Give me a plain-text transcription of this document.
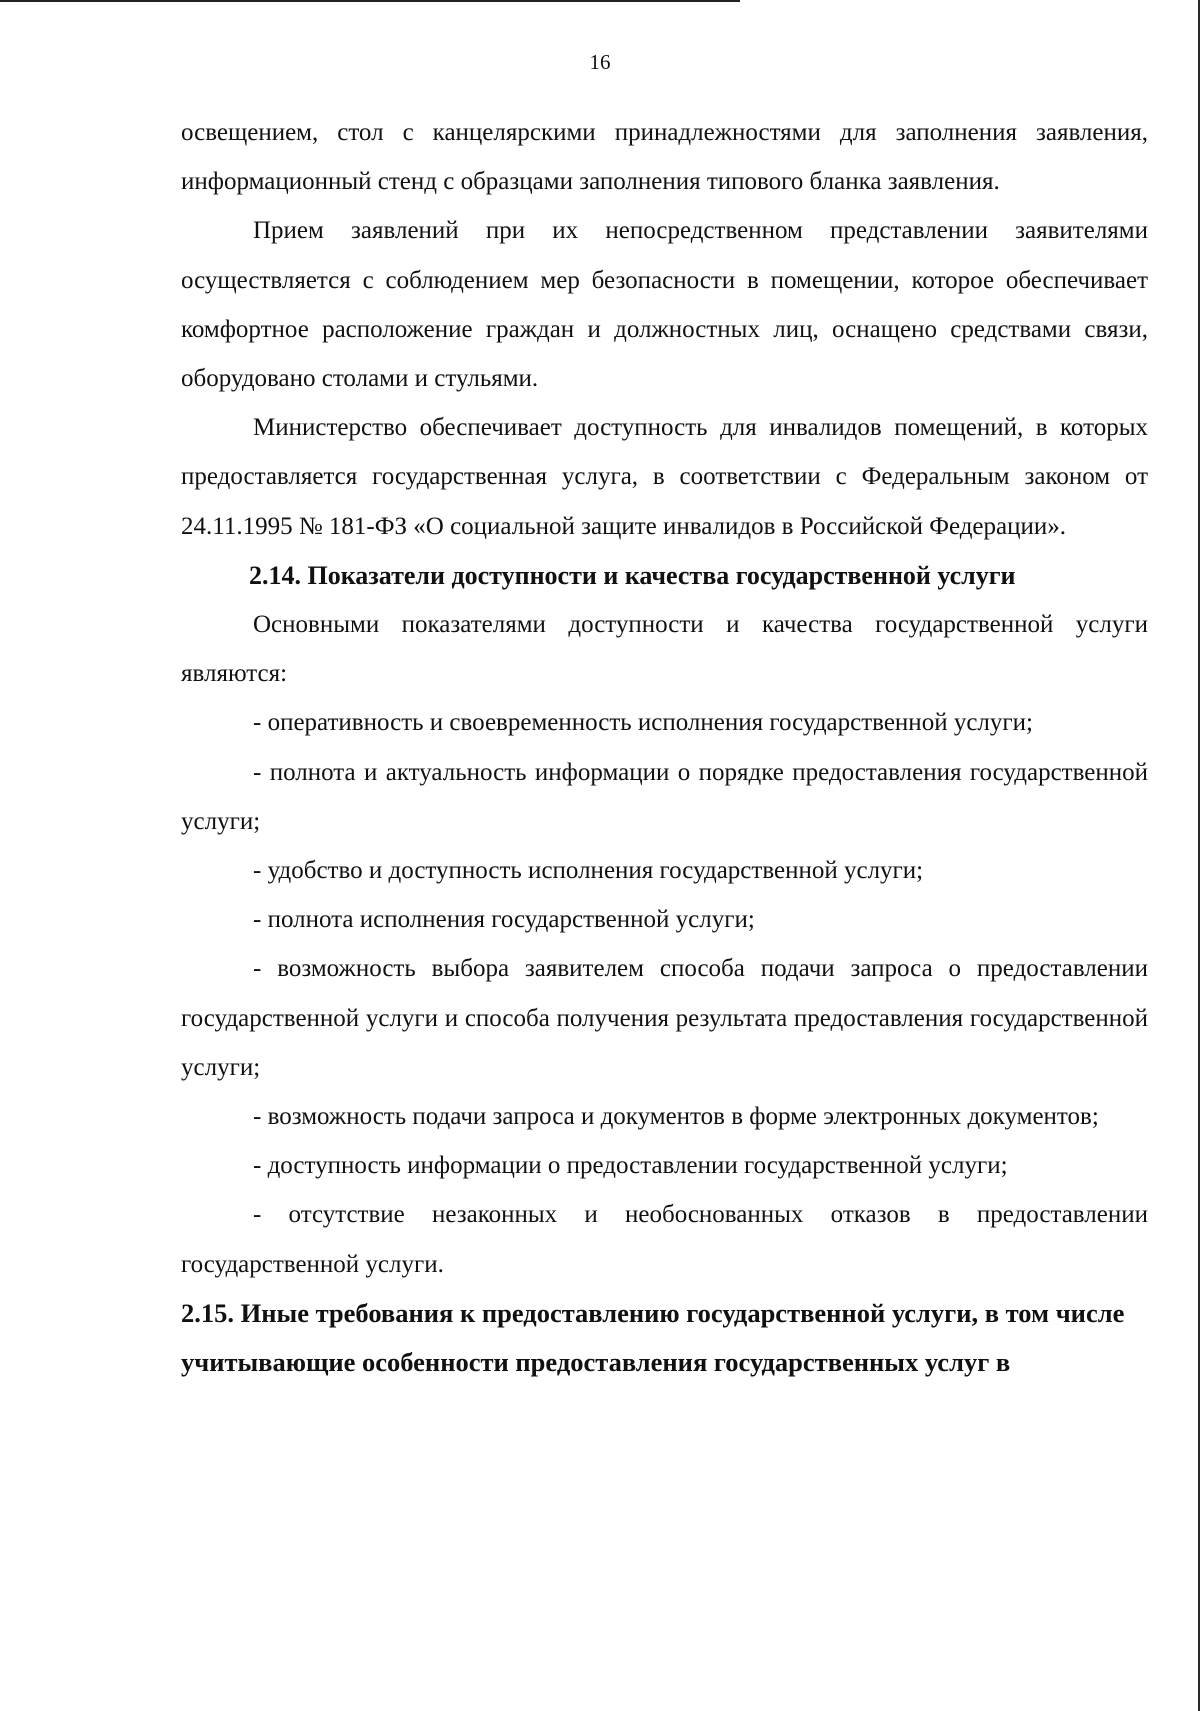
16

освещением, стол с канцелярскими принадлежностями для заполнения заявления, информационный стенд с образцами заполнения типового бланка заявления.

Прием заявлений при их непосредственном представлении заявителями осуществляется с соблюдением мер безопасности в помещении, которое обеспечивает комфортное расположение граждан и должностных лиц, оснащено средствами связи, оборудовано столами и стульями.

Министерство обеспечивает доступность для инвалидов помещений, в которых предоставляется государственная услуга, в соответствии с Федеральным законом от 24.11.1995 № 181-ФЗ «О социальной защите инвалидов в Российской Федерации».

2.14. Показатели доступности и качества государственной услуги

Основными показателями доступности и качества государственной услуги являются:

- оперативность и своевременность исполнения государственной услуги;

- полнота и актуальность информации о порядке предоставления государственной услуги;

- удобство и доступность исполнения государственной услуги;

- полнота исполнения государственной услуги;

- возможность выбора заявителем способа подачи запроса о предоставлении государственной услуги и способа получения результата предоставления государственной услуги;

- возможность подачи запроса и документов в форме электронных документов;

- доступность информации о предоставлении государственной услуги;

- отсутствие незаконных и необоснованных отказов в предоставлении государственной услуги.

2.15. Иные требования к предоставлению государственной услуги, в том числе учитывающие особенности предоставления государственных услуг в
